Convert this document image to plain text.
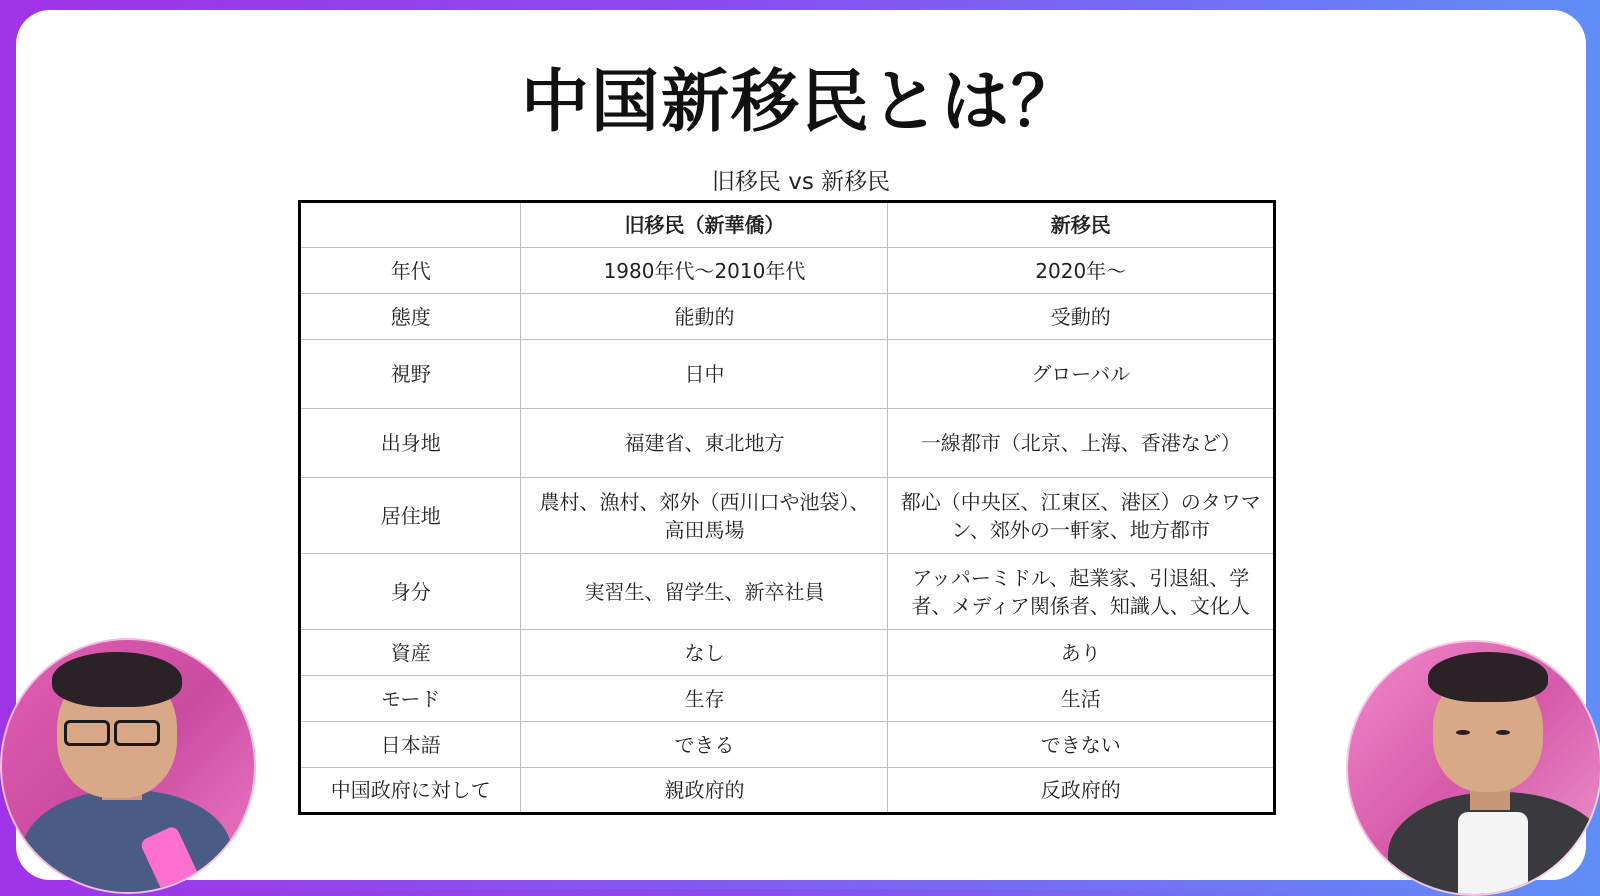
中国新移民とは？
旧移民 vs 新移民
	旧移民（新華僑）	新移民
年代	1980年代〜2010年代	2020年〜
態度	能動的	受動的
視野	日中	グローバル
出身地	福建省、東北地方	一線都市（北京、上海、香港など）
居住地	農村、漁村、郊外（西川口や池袋）、高田馬場	都心（中央区、江東区、港区）のタワマン、郊外の一軒家、地方都市
身分	実習生、留学生、新卒社員	アッパーミドル、起業家、引退組、学者、メディア関係者、知識人、文化人
資産	なし	あり
モード	生存	生活
日本語	できる	できない
中国政府に対して	親政府的	反政府的
